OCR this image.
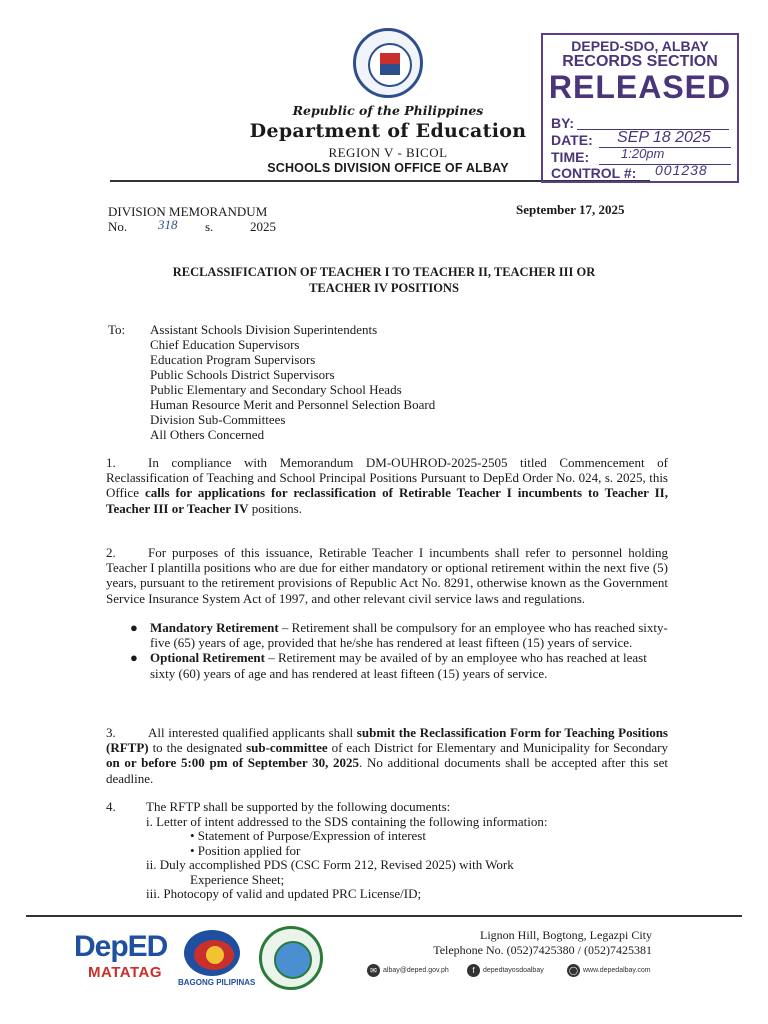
Republic of the Philippines
Department of Education
REGION V - BICOL
SCHOOLS DIVISION OFFICE OF ALBAY
DEPED-SDO, ALBAY
RECORDS SECTION
RELEASED
BY:
DATE: SEP 18 2025
TIME: 1:20pm
CONTROL #: 001238
DIVISION MEMORANDUM
No. 318 s.	2025
September 17, 2025
RECLASSIFICATION OF TEACHER I TO TEACHER II, TEACHER III OR
TEACHER IV POSITIONS
To: Assistant Schools Division Superintendents
Chief Education Supervisors
Education Program Supervisors
Public Schools District Supervisors
Public Elementary and Secondary School Heads
Human Resource Merit and Personnel Selection Board
Division Sub-Committees
All Others Concerned
1. In compliance with Memorandum DM-OUHROD-2025-2505 titled Commencement of Reclassification of Teaching and School Principal Positions Pursuant to DepEd Order No. 024, s. 2025, this Office calls for applications for reclassification of Retirable Teacher I incumbents to Teacher II, Teacher III or Teacher IV positions.
2. For purposes of this issuance, Retirable Teacher I incumbents shall refer to personnel holding Teacher I plantilla positions who are due for either mandatory or optional retirement within the next five (5) years, pursuant to the retirement provisions of Republic Act No. 8291, otherwise known as the Government Service Insurance System Act of 1997, and other relevant civil service laws and regulations.
● Mandatory Retirement – Retirement shall be compulsory for an employee who has reached sixty-five (65) years of age, provided that he/she has rendered at least fifteen (15) years of service.
● Optional Retirement – Retirement may be availed of by an employee who has reached at least sixty (60) years of age and has rendered at least fifteen (15) years of service.
3. All interested qualified applicants shall submit the Reclassification Form for Teaching Positions (RFTP) to the designated sub-committee of each District for Elementary and Municipality for Secondary on or before 5:00 pm of September 30, 2025. No additional documents shall be accepted after this set deadline.
4. The RFTP shall be supported by the following documents:
i. Letter of intent addressed to the SDS containing the following information:
• Statement of Purpose/Expression of interest
• Position applied for
ii. Duly accomplished PDS (CSC Form 212, Revised 2025) with Work
Experience Sheet;
iii. Photocopy of valid and updated PRC License/ID;
DepED
MATATAG
BAGONG PILIPINAS
Lignon Hill, Bogtong, Legazpi City
Telephone No. (052)7425380 / (052)7425381
✉ albay@deped.gov.ph	f	depedtayosdoalbay	◯ www.depedalbay.com
